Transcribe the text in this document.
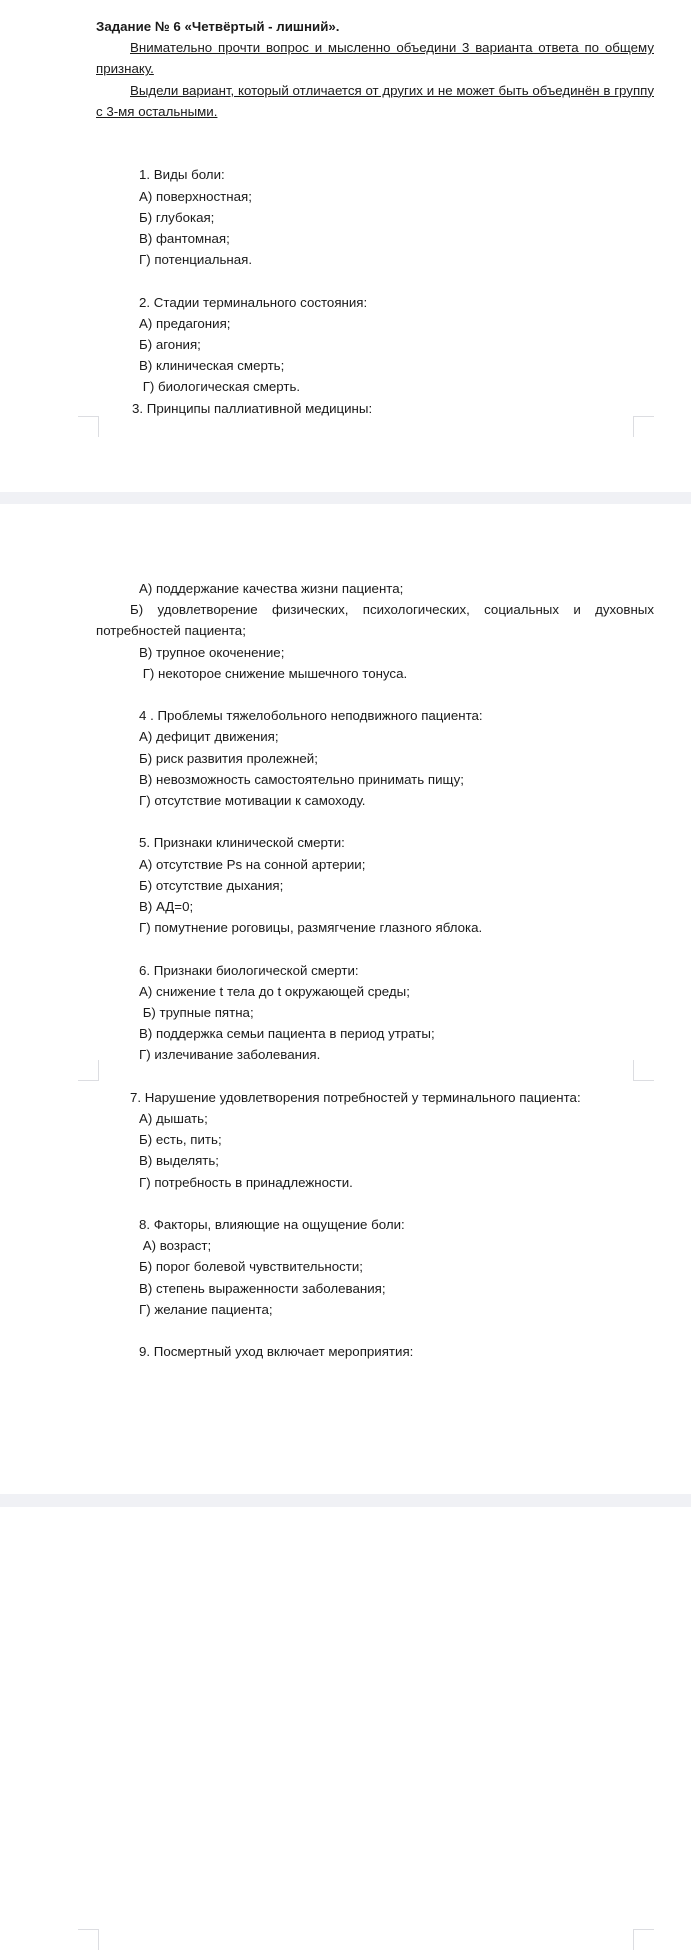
Задание № 6 «Четвёртый - лишний».

Внимательно прочти вопрос и мысленно объедини 3 варианта ответа по общему признаку.

Выдели вариант, который отличается от других и не может быть объединён в группу с 3-мя остальными.

1. Виды боли:

А) поверхностная;

Б) глубокая;

В) фантомная;

Г) потенциальная.

2. Стадии терминального состояния:

А) предагония;

Б) агония;

В) клиническая смерть;

Г) биологическая смерть.

3. Принципы паллиативной медицины:

А) поддержание качества жизни пациента;

Б) удовлетворение физических, психологических, социальных и духовных потребностей пациента;

В) трупное окоченение;

Г) некоторое снижение мышечного тонуса.

4 . Проблемы тяжелобольного неподвижного пациента:

А) дефицит движения;

Б) риск развития пролежней;

В) невозможность самостоятельно принимать пищу;

Г) отсутствие мотивации к самоходу.

5. Признаки клинической смерти:

А) отсутствие Ps на сонной артерии;

Б) отсутствие дыхания;

В) АД=0;

Г) помутнение роговицы, размягчение глазного яблока.

6. Признаки биологической смерти:

А) снижение t тела до t окружающей среды;

Б) трупные пятна;

В) поддержка семьи пациента в период утраты;

Г) излечивание заболевания.

7. Нарушение удовлетворения потребностей у терминального пациента:

А) дышать;

Б) есть, пить;

В) выделять;

Г) потребность в принадлежности.

8. Факторы, влияющие на ощущение боли:

А) возраст;

Б) порог болевой чувствительности;

В) степень выраженности заболевания;

Г) желание пациента;

9. Посмертный уход включает мероприятия:
